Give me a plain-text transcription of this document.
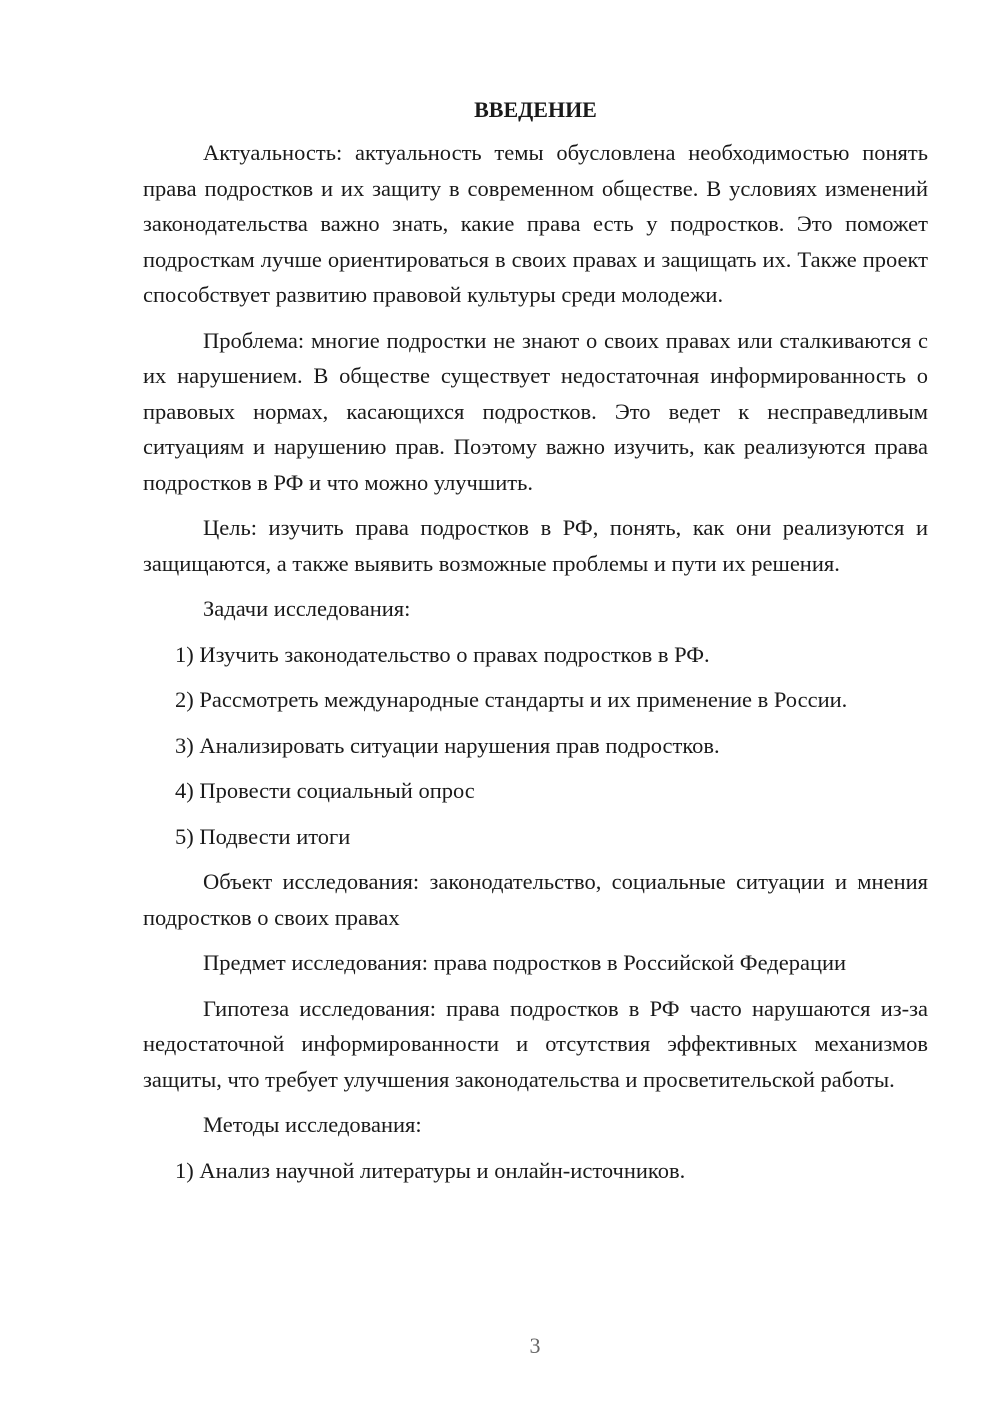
ВВЕДЕНИЕ

Актуальность: актуальность темы обусловлена необходимостью понять права подростков и их защиту в современном обществе. В условиях изменений законодательства важно знать, какие права есть у подростков. Это поможет подросткам лучше ориентироваться в своих правах и защищать их. Также проект способствует развитию правовой культуры среди молодежи.

Проблема: многие подростки не знают о своих правах или сталкиваются с их нарушением. В обществе существует недостаточная информированность о правовых нормах, касающихся подростков. Это ведет к несправедливым ситуациям и нарушению прав. Поэтому важно изучить, как реализуются права подростков в РФ и что можно улучшить.

Цель: изучить права подростков в РФ, понять, как они реализуются и защищаются, а также выявить возможные проблемы и пути их решения.

Задачи исследования:
1) Изучить законодательство о правах подростков в РФ.
2) Рассмотреть международные стандарты и их применение в России.
3) Анализировать ситуации нарушения прав подростков.
4) Провести социальный опрос
5) Подвести итоги

Объект исследования: законодательство, социальные ситуации и мнения подростков о своих правах

Предмет исследования: права подростков в Российской Федерации

Гипотеза исследования: права подростков в РФ часто нарушаются из-за недостаточной информированности и отсутствия эффективных механизмов защиты, что требует улучшения законодательства и просветительской работы.

Методы исследования:
1) Анализ научной литературы и онлайн-источников.
3
